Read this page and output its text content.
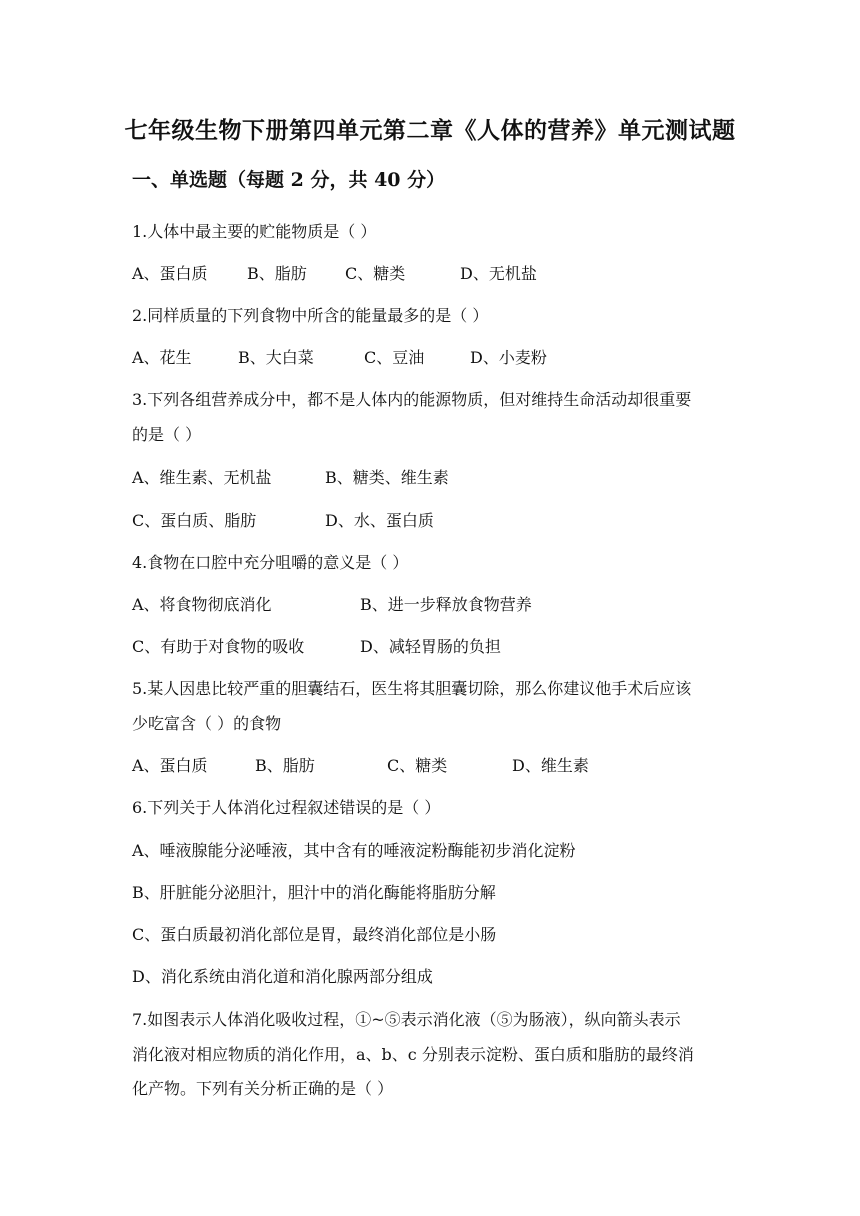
七年级生物下册第四单元第二章《人体的营养》单元测试题
一、单选题（每题 2 分，共 40 分）
1.人体中最主要的贮能物质是（ ）
A、蛋白质 B、脂肪 C、糖类	D、无机盐
2.同样质量的下列食物中所含的能量最多的是（ ）
A、花生	B、大白菜	C、豆油	D、小麦粉
3.下列各组营养成分中，都不是人体内的能源物质，但对维持生命活动却很重要
的是（ ）
A、维生素、无机盐	B、糖类、维生素
C、蛋白质、脂肪	D、水、蛋白质
4.食物在口腔中充分咀嚼的意义是（ ）
A、将食物彻底消化	B、进一步释放食物营养
C、有助于对食物的吸收	D、减轻胃肠的负担
5.某人因患比较严重的胆囊结石，医生将其胆囊切除，那么你建议他手术后应该
少吃富含（ ）的食物
A、蛋白质	B、脂肪	C、糖类	D、维生素
6.下列关于人体消化过程叙述错误的是（ ）
A、唾液腺能分泌唾液，其中含有的唾液淀粉酶能初步消化淀粉
B、肝脏能分泌胆汁，胆汁中的消化酶能将脂肪分解
C、蛋白质最初消化部位是胃，最终消化部位是小肠
D、消化系统由消化道和消化腺两部分组成
7.如图表示人体消化吸收过程，①~⑤表示消化液（⑤为肠液），纵向箭头表示
消化液对相应物质的消化作用，a、b、c 分别表示淀粉、蛋白质和脂肪的最终消
化产物。下列有关分析正确的是（ ）
